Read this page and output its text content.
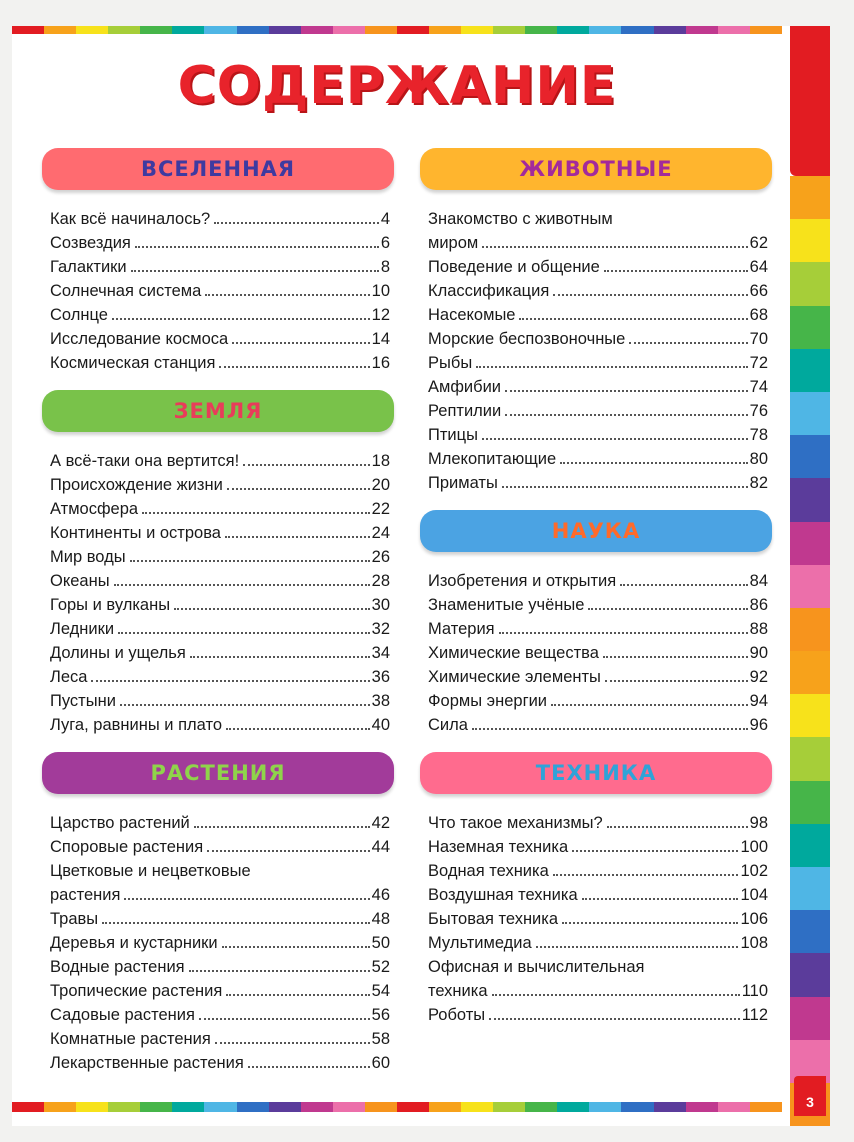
СОДЕРЖАНИЕ
ВСЕЛЕННАЯ
Как всё начиналось?	4
Созвездия	6
Галактики	8
Солнечная система	10
Солнце	12
Исследование космоса	14
Космическая станция	16
ЗЕМЛЯ
А всё-таки она вертится!	18
Происхождение жизни	20
Атмосфера	22
Континенты и острова	24
Мир воды	26
Океаны	28
Горы и вулканы	30
Ледники	32
Долины и ущелья	34
Леса	36
Пустыни	38
Луга, равнины и плато	40
РАСТЕНИЯ
Царство растений	42
Споровые растения	44
Цветковые и нецветковые
растения	46
Травы	48
Деревья и кустарники	50
Водные растения	52
Тропические растения	54
Садовые растения	56
Комнатные растения	58
Лекарственные растения	60
ЖИВОТНЫЕ
Знакомство с животным
миром	62
Поведение и общение	64
Классификация	66
Насекомые	68
Морские беспозвоночные	70
Рыбы	72
Амфибии	74
Рептилии	76
Птицы	78
Млекопитающие	80
Приматы	82
НАУКА
Изобретения и открытия	84
Знаменитые учёные	86
Материя	88
Химические вещества	90
Химические элементы	92
Формы энергии	94
Сила	96
ТЕХНИКА
Что такое механизмы?	98
Наземная техника	100
Водная техника	102
Воздушная техника	104
Бытовая техника	106
Мультимедиа	108
Офисная и вычислительная
техника	110
Роботы	112
3
